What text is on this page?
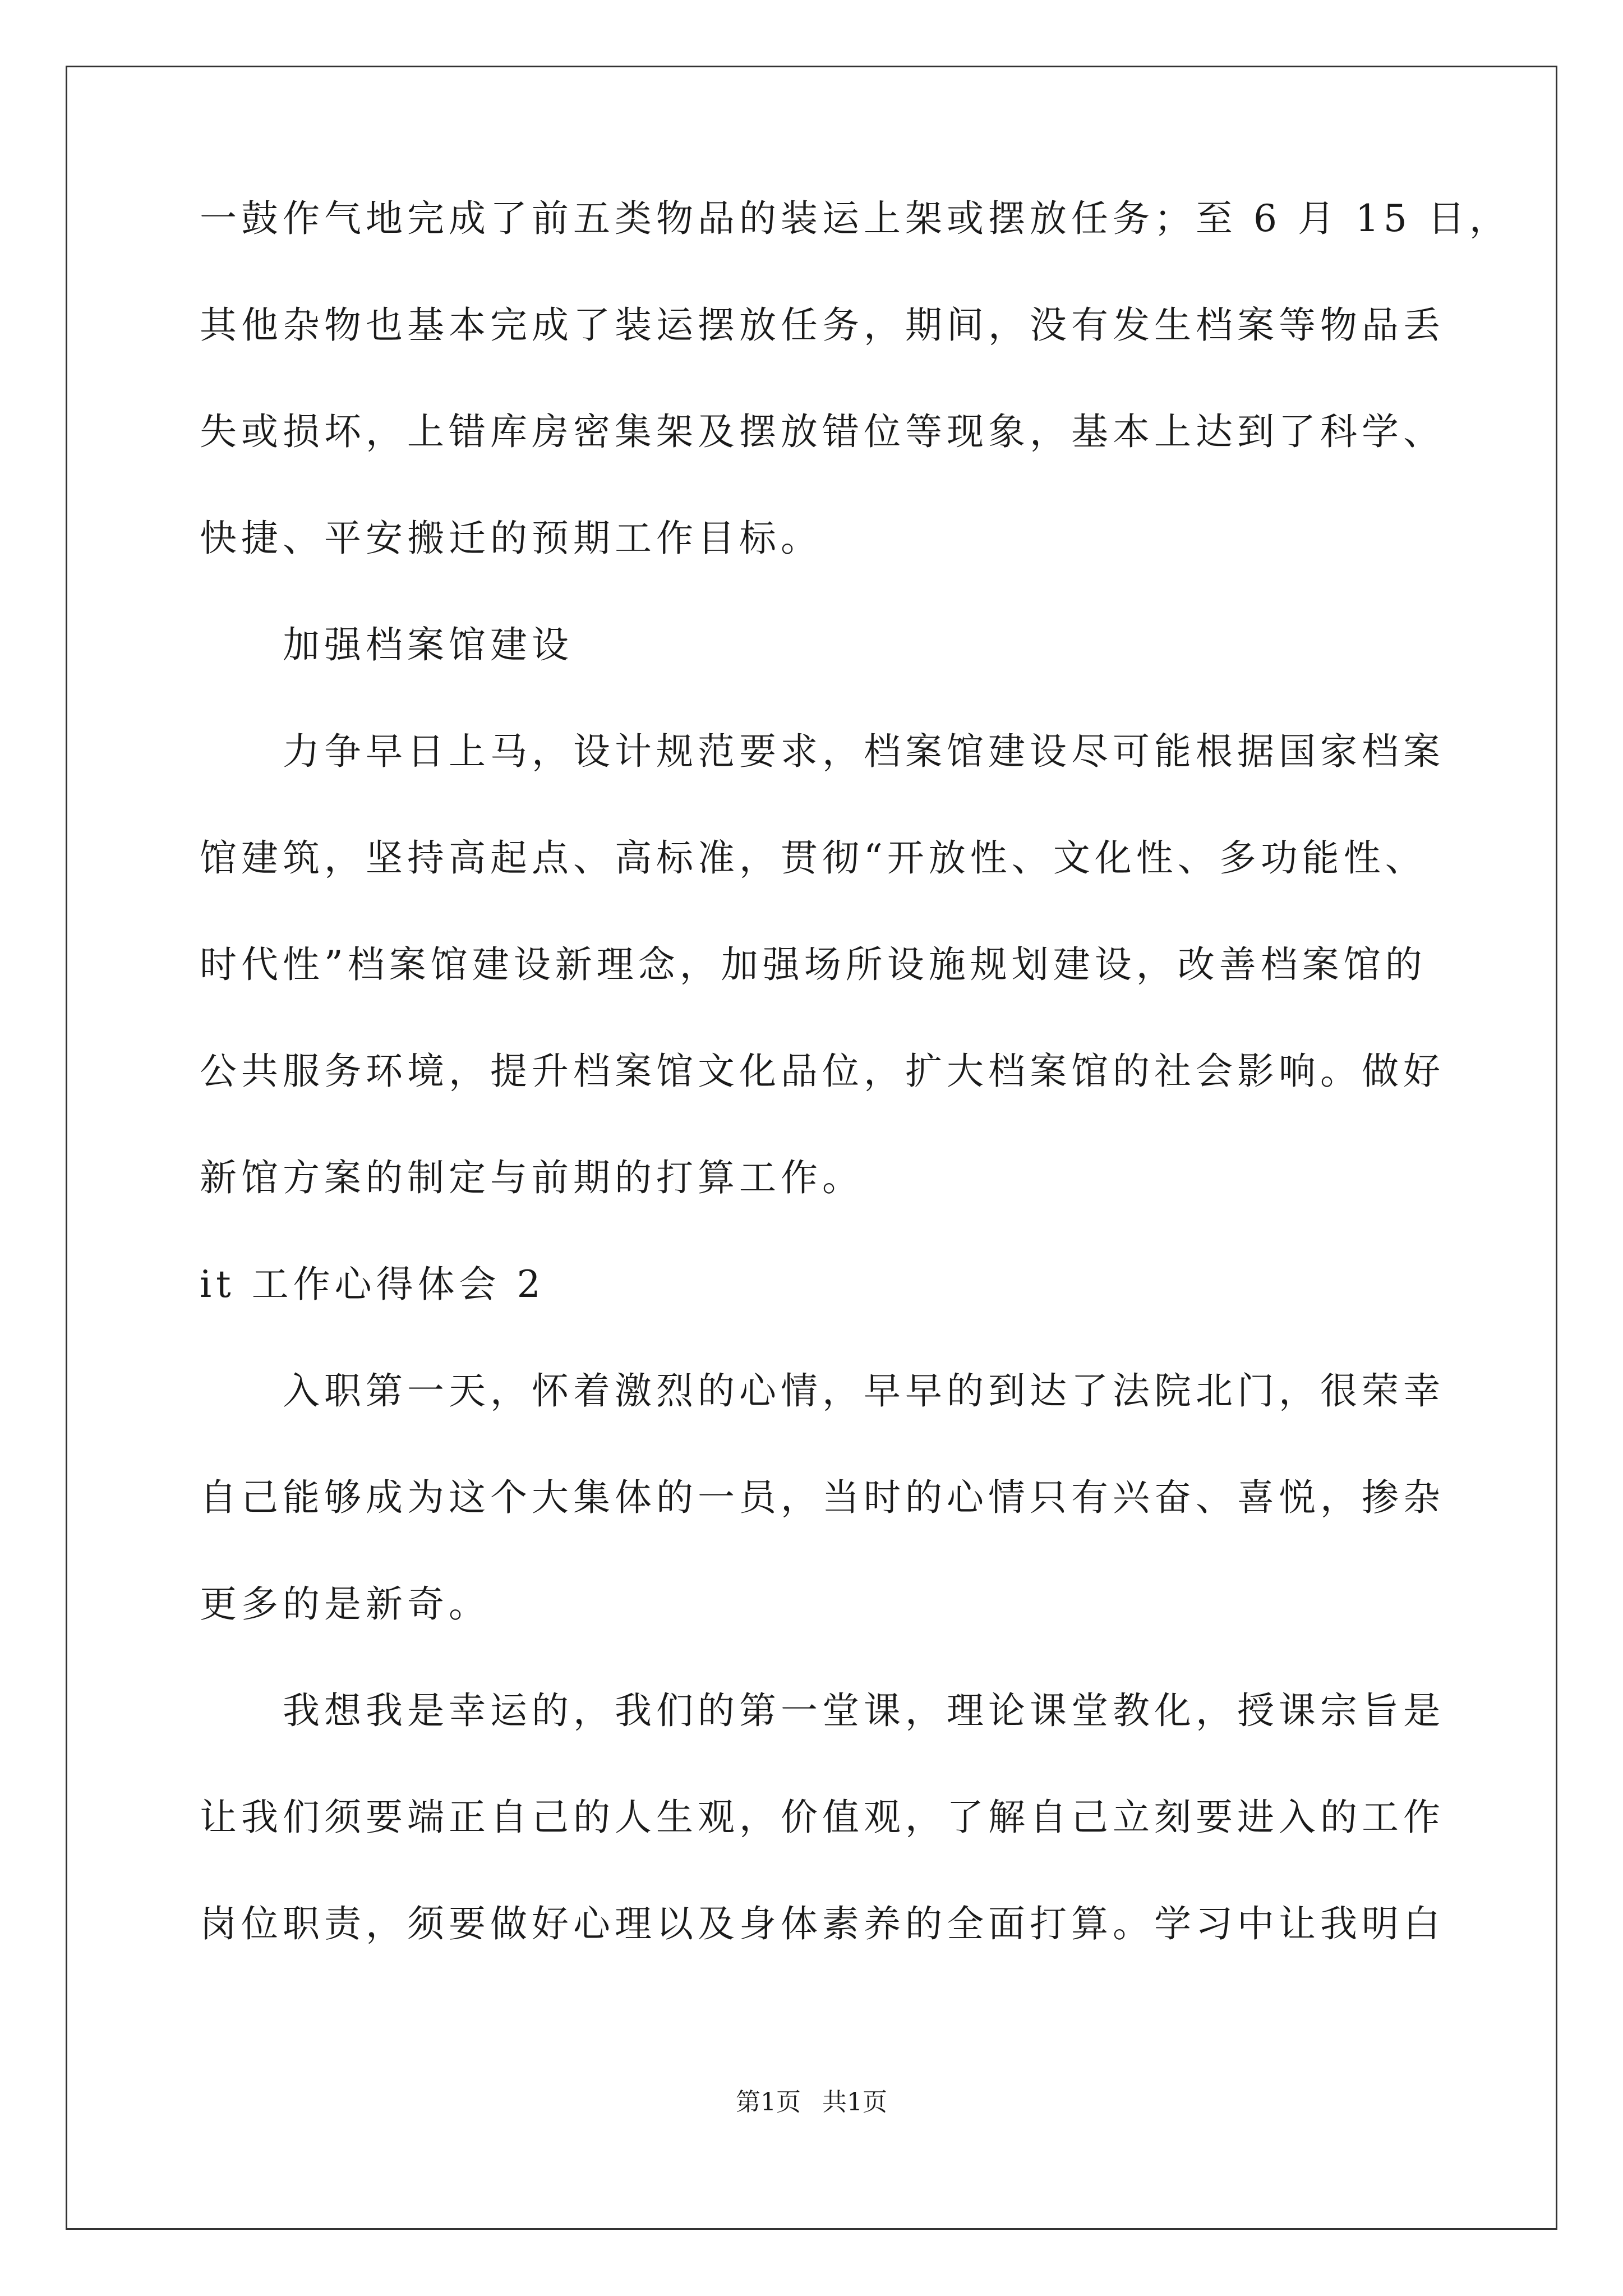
一鼓作气地完成了前五类物品的装运上架或摆放任务；至 6 月 15 日，
其他杂物也基本完成了装运摆放任务，期间，没有发生档案等物品丢
失或损坏，上错库房密集架及摆放错位等现象，基本上达到了科学、
快捷、平安搬迁的预期工作目标。
加强档案馆建设
力争早日上马，设计规范要求，档案馆建设尽可能根据国家档案
馆建筑，坚持高起点、高标准，贯彻“开放性、文化性、多功能性、
时代性”档案馆建设新理念，加强场所设施规划建设，改善档案馆的
公共服务环境，提升档案馆文化品位，扩大档案馆的社会影响。做好
新馆方案的制定与前期的打算工作。
it 工作心得体会 2
入职第一天，怀着激烈的心情，早早的到达了法院北门，很荣幸
自己能够成为这个大集体的一员，当时的心情只有兴奋、喜悦，掺杂
更多的是新奇。
我想我是幸运的，我们的第一堂课，理论课堂教化，授课宗旨是
让我们须要端正自己的人生观，价值观，了解自己立刻要进入的工作
岗位职责，须要做好心理以及身体素养的全面打算。学习中让我明白
第1页 共1页
